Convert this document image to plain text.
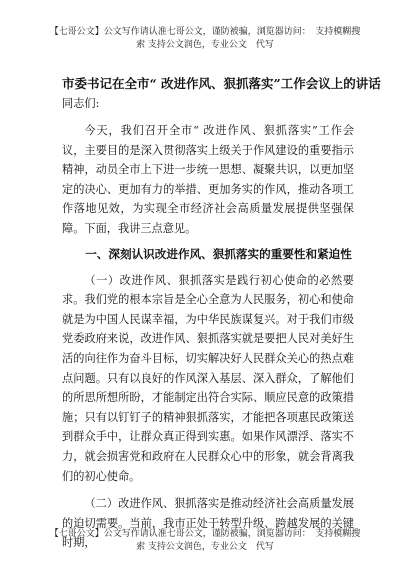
【七哥公文】公文写作请认准七哥公文，谨防被骗，浏览器访问：　支持模糊搜
索 支持公文润色，专业公文　代写
市委书记在全市“ 改进作风、狠抓落实”工作会议上的讲话
同志们:

今天，我们召开全市“ 改进作风、狠抓落实”工作会议，主要目的是深入贯彻落实上级关于作风建设的重要指示精神，动员全市上下进一步统一思想、凝聚共识，以更加坚定的决心、更加有力的举措、更加务实的作风，推动各项工作落地见效，为实现全市经济社会高质量发展提供坚强保障。下面，我讲三点意见。

一、深刻认识改进作风、狠抓落实的重要性和紧迫性

（一）改进作风、狠抓落实是践行初心使命的必然要求。我们党的根本宗旨是全心全意为人民服务，初心和使命就是为中国人民谋幸福，为中华民族谋复兴。对于我们市级党委政府来说，改进作风、狠抓落实就是要把人民对美好生活的向往作为奋斗目标，切实解决好人民群众关心的热点难点问题。只有以良好的作风深入基层、深入群众，了解他们的所思所想所盼，才能制定出符合实际、顺应民意的政策措施；只有以钉钉子的精神狠抓落实，才能把各项惠民政策送到群众手中，让群众真正得到实惠。如果作风漂浮、落实不力，就会损害党和政府在人民群众心中的形象，就会背离我们的初心使命。

（二）改进作风、狠抓落实是推动经济社会高质量发展的迫切需要。当前，我市正处于转型升级、跨越发展的关键时期，

【七哥公文】公文写作请认准七哥公文，谨防被骗，浏览器访问：　支持模糊搜
索 支持公文润色，专业公文　代写
